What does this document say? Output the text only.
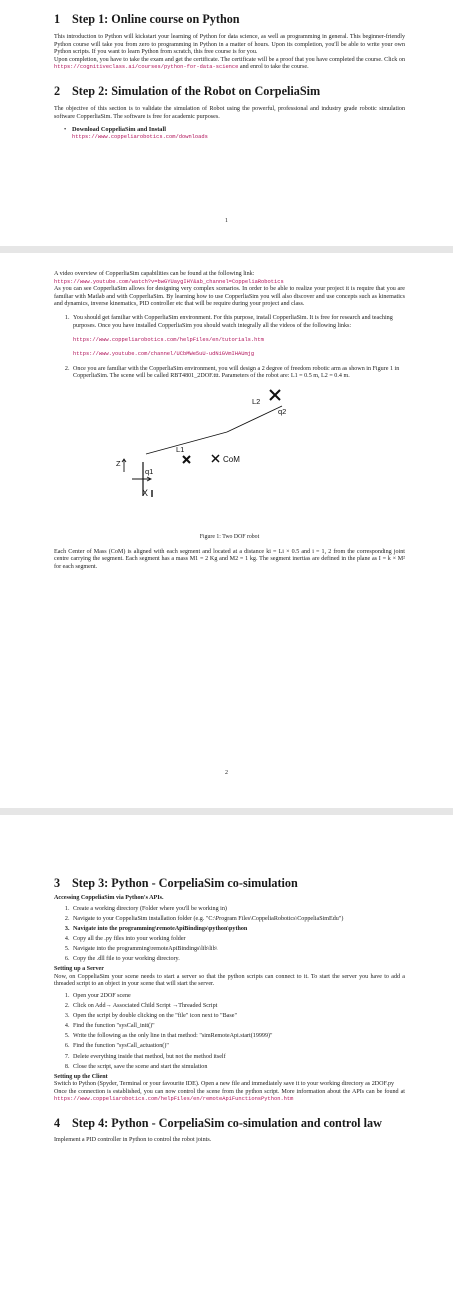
1 Step 1: Online course on Python

This introduction to Python will kickstart your learning of Python for data science, as well as programming in general. This beginner-friendly Python course will take you from zero to programming in Python in a matter of hours. Upon its completion, you'll be able to write your own Python scripts. If you want to learn Python from scratch, this free course is for you.

Upon completion, you have to take the exam and get the certificate. The certificate will be a proof that you have completed the course. Click on https://cognitiveclass.ai/courses/python-for-data-science and enrol to take the course.

2 Step 2: Simulation of the Robot on CorpeliaSim

The objective of this section is to validate the simulation of Robot using the powerful, professional and industry grade robotic simulation software CopperliaSim. The software is free for academic purposes.

• Download CoppeliaSim and Install
https://www.coppeliarobotics.com/downloads
1

A video overview of CopperliaSim capabilities can be found at the following link:
https://www.youtube.com/watch?v=bwGYUaygIHY&ab_channel=CoppeliaRobotics
As you can see CopperliaSim allows for designing very complex scenarios. In order to be able to realize your project it is require that you are familiar with Matlab and with CopperliaSim. By learning how to use CopperliaSim you will also discover and use concepts such as kinematics and dynamics, inverse kinematics, PID controller etc that will be require during your project and class.

1. You should get familiar with CopperliaSim environment. For this purpose, install CopperliaSim. It is free for research and teaching purposes. Once you have installed CopperliaSim you should watch integrally all the videos of the following links:
https://www.coppeliarobotics.com/helpFiles/en/tutorials.htm
https://www.youtube.com/channel/UCbMWe5uU-udNiGVmIHAUmjg
2. Once you are familiar with the CopperliaSim environment, you will design a 2 degree of freedom robotic arm as shown in Figure 1 in CopperliaSim. The scene will be called RBT4801_2DOF.ttt. Parameters of the robot are: L1 = 0.5 m, L2 = 0.4 m.
L2
q2
L1
CoM
Z
q1
X

Figure 1: Two DOF robot

Each Center of Mass (CoM) is aligned with each segment and located at a distance ki = Li × 0.5 and i = 1, 2 from the corresponding joint centre carrying the segment. Each segment has a mass M1 = 2 Kg and M2 = 1 kg. The segment inertias are defined in the plane as I = k × M² for each segment.

2
3 Step 3: Python - CorpeliaSim co-simulation
Accessing CoppeliaSim via Python's APIs.
1. Create a working directory (Folder where you'll be working in)
2. Navigate to your CoppeliaSim installation folder (e.g. "C:\Program Files\CoppeliaRobotics\CoppeliaSimEdu")
3. Navigate into the programming\remoteApiBindings\python\python
4. Copy all the .py files into your working folder
5. Navigate into the programming\remoteApiBindings\lib\lib\
6. Copy the .dll file to your working directory.
Setting up a Server

Now, on CoppeliaSim your scene needs to start a server so that the python scripts can connect to it. To start the server you have to add a threaded script to an object in your scene that will start the server.

1. Open your 2DOF scene
2. Click on Add→ Associated Child Script →Threaded Script
3. Open the script by double clicking on the "file" icon next to "Base"
4. Find the function "sysCall_init()"
5. Write the following as the only line in that method: "simRemoteApi.start(19999)"
6. Find the function "sysCall_actuation()"
7. Delete everything inside that method, but not the method itself
8. Close the script, save the scene and start the simulation
Setting up the Client

Switch to Python (Spyder, Terminal or your favourite IDE). Open a new file and immediately save it to your working directory as 2DOF.py
Once the connection is established, you can now control the scene from the python script. More information about the APIs can be found at https://www.coppeliarobotics.com/helpFiles/en/remoteApiFunctionsPython.htm

4 Step 4: Python - CorpeliaSim co-simulation and control law

Implement a PID controller in Python to control the robot joints.
